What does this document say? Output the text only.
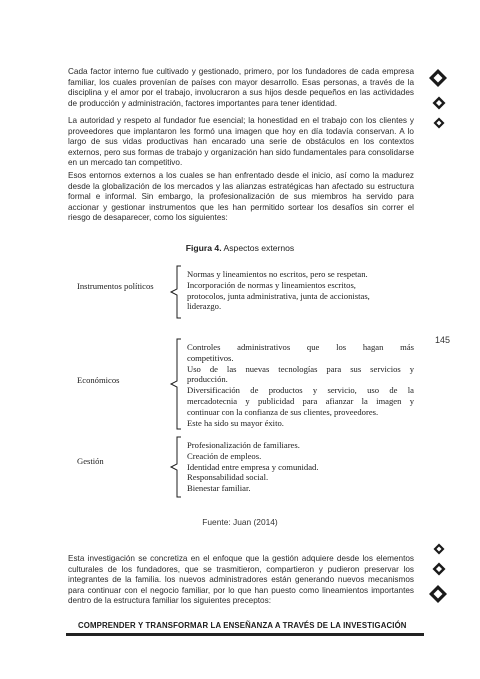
Cada factor interno fue cultivado y gestionado, primero, por los fundadores de cada empresa familiar, los cuales provenían de países con mayor desarrollo. Esas personas, a través de la disciplina y el amor por el trabajo, involucraron a sus hijos desde pequeños en las actividades de producción y administración, factores importantes para tener identidad.

La autoridad y respeto al fundador fue esencial; la honestidad en el trabajo con los clientes y proveedores que implantaron les formó una imagen que hoy en día todavía conservan. A lo largo de sus vidas productivas han encarado una serie de obstáculos en los contextos externos, pero sus formas de trabajo y organización han sido fundamentales para consolidarse en un mercado tan competitivo.

Esos entornos externos a los cuales se han enfrentado desde el inicio, así como la madurez desde la globalización de los mercados y las alianzas estratégicas han afectado su estructura formal e informal. Sin embargo, la profesionalización de sus miembros ha servido para accionar y gestionar instrumentos que les han permitido sortear los desafíos sin correr el riesgo de desaparecer, como los siguientes:

Figura 4. Aspectos externos
Instrumentos políticos
Normas y lineamientos no escritos, pero se respetan.
Incorporación de normas y lineamientos escritos,
protocolos, junta administrativa, junta de accionistas,
liderazgo.
Económicos
Controles administrativos que los hagan más
competitivos.
Uso de las nuevas tecnologías para sus servicios y
producción.
Diversificación de productos y servicio, uso de la
mercadotecnia y publicidad para afianzar la imagen y
continuar con la confianza de sus clientes, proveedores.
Este ha sido su mayor éxito.
Gestión
Profesionalización de familiares.
Creación de empleos.
Identidad entre empresa y comunidad.
Responsabilidad social.
Bienestar familiar.
145
Fuente: Juan (2014)

Esta investigación se concretiza en el enfoque que la gestión adquiere desde los elementos culturales de los fundadores, que se trasmitieron, compartieron y pudieron preservar los integrantes de la familia. los nuevos administradores están generando nuevos mecanismos para continuar con el negocio familiar, por lo que han puesto como lineamientos importantes dentro de la estructura familiar los siguientes preceptos:

COMPRENDER Y TRANSFORMAR LA ENSEÑANZA A TRAVÉS DE LA INVESTIGACIÓN
